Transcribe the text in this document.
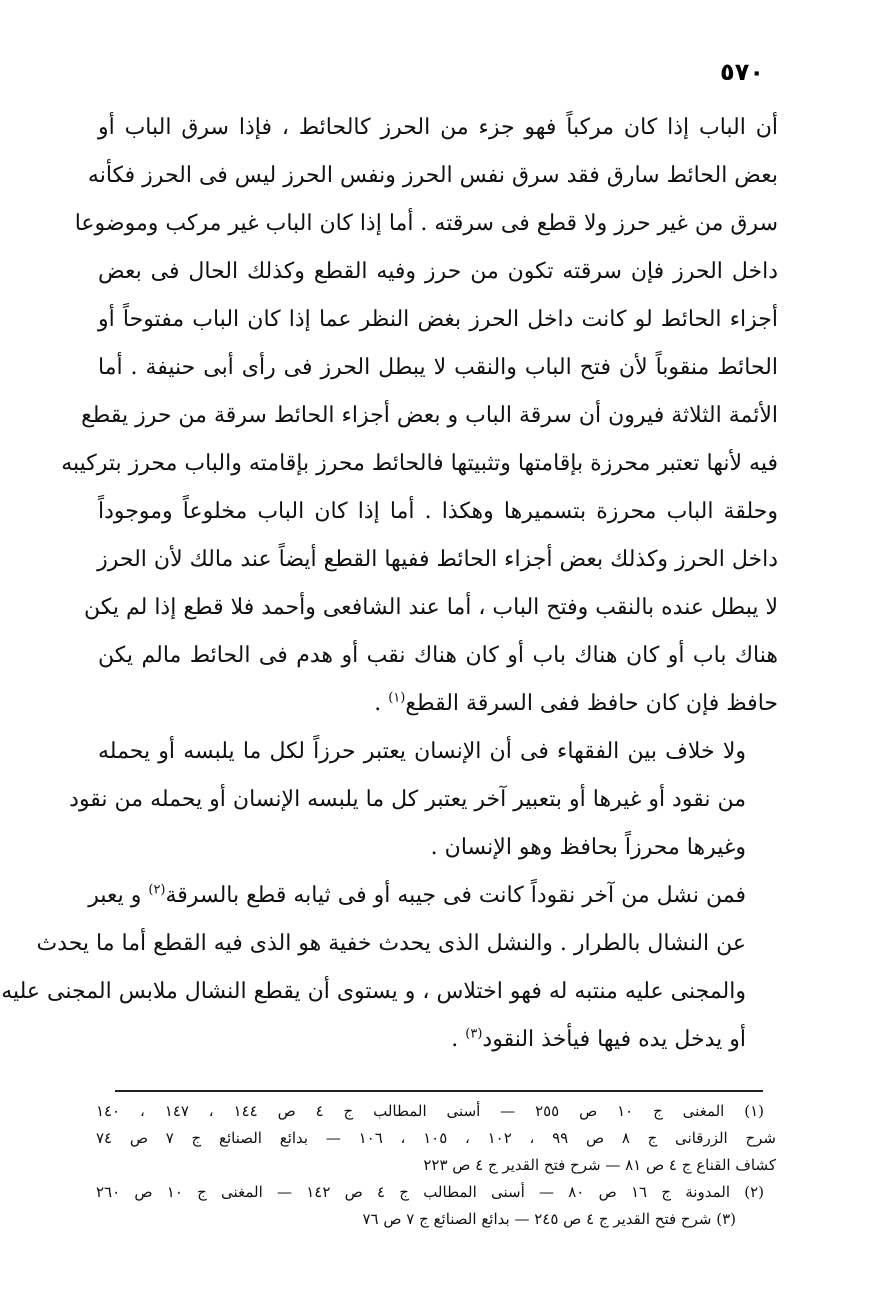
٥٧٠

أن الباب إذا كان مركباً فهو جزء من الحرز كالحائط ، فإذا سرق الباب أو
بعض الحائط سارق فقد سرق نفس الحرز ونفس الحرز ليس فى الحرز فكأنه
سرق من غير حرز ولا قطع فى سرقته . أما إذا كان الباب غير مركب وموضوعا
داخل الحرز فإن سرقته تكون من حرز وفيه القطع وكذلك الحال فى بعض
أجزاء الحائط لو كانت داخل الحرز بغض النظر عما إذا كان الباب مفتوحاً أو
الحائط منقوباً لأن فتح الباب والنقب لا يبطل الحرز فى رأى أبى حنيفة . أما
الأئمة الثلاثة فيرون أن سرقة الباب و بعض أجزاء الحائط سرقة من حرز يقطع
فيه لأنها تعتبر محرزة بإقامتها وتثبيتها فالحائط محرز بإقامته والباب محرز بتركيبه
وحلقة الباب محرزة بتسميرها وهكذا . أما إذا كان الباب مخلوعاً وموجوداً
داخل الحرز وكذلك بعض أجزاء الحائط ففيها القطع أيضاً عند مالك لأن الحرز
لا يبطل عنده بالنقب وفتح الباب ، أما عند الشافعى وأحمد فلا قطع إذا لم يكن
هناك باب أو كان هناك باب أو كان هناك نقب أو هدم فى الحائط مالم يكن
حافظ فإن كان حافظ ففى السرقة القطع$^{(١)}$ .

ولا خلاف بين الفقهاء فى أن الإنسان يعتبر حرزاً لكل ما يلبسه أو يحمله
من نقود أو غيرها أو بتعبير آخر يعتبر كل ما يلبسه الإنسان أو يحمله من نقود
وغيرها محرزاً بحافظ وهو الإنسان .

فمن نشل من آخر نقوداً كانت فى جيبه أو فى ثيابه قطع بالسرقة$^{(٢)}$ و يعبر
عن النشال بالطرار . والنشل الذى يحدث خفية هو الذى فيه القطع أما ما يحدث
والمجنى عليه منتبه له فهو اختلاس ، و يستوى أن يقطع النشال ملابس المجنى عليه
أو يدخل يده فيها فيأخذ النقود$^{(٣)}$ .

(١) المغنى ج ١٠ ص ٢٥٥ — أسنى المطالب ج ٤ ص ١٤٤ ، ١٤٧ ، ١٤٠
شرح الزرقانى ج ٨ ص ٩٩ ، ١٠٢ ، ١٠٥ ، ١٠٦ — بدائع الصنائع ج ٧ ص ٧٤
كشاف القناع ج ٤ ص ٨١ — شرح فتح القدير ج ٤ ص ٢٢٣
(٢) المدونة ج ١٦ ص ٨٠ — أسنى المطالب ج ٤ ص ١٤٢ — المغنى ج ١٠ ص ٢٦٠
(٣) شرح فتح القدير ج ٤ ص ٢٤٥ — بدائع الصنائع ج ٧ ص ٧٦
